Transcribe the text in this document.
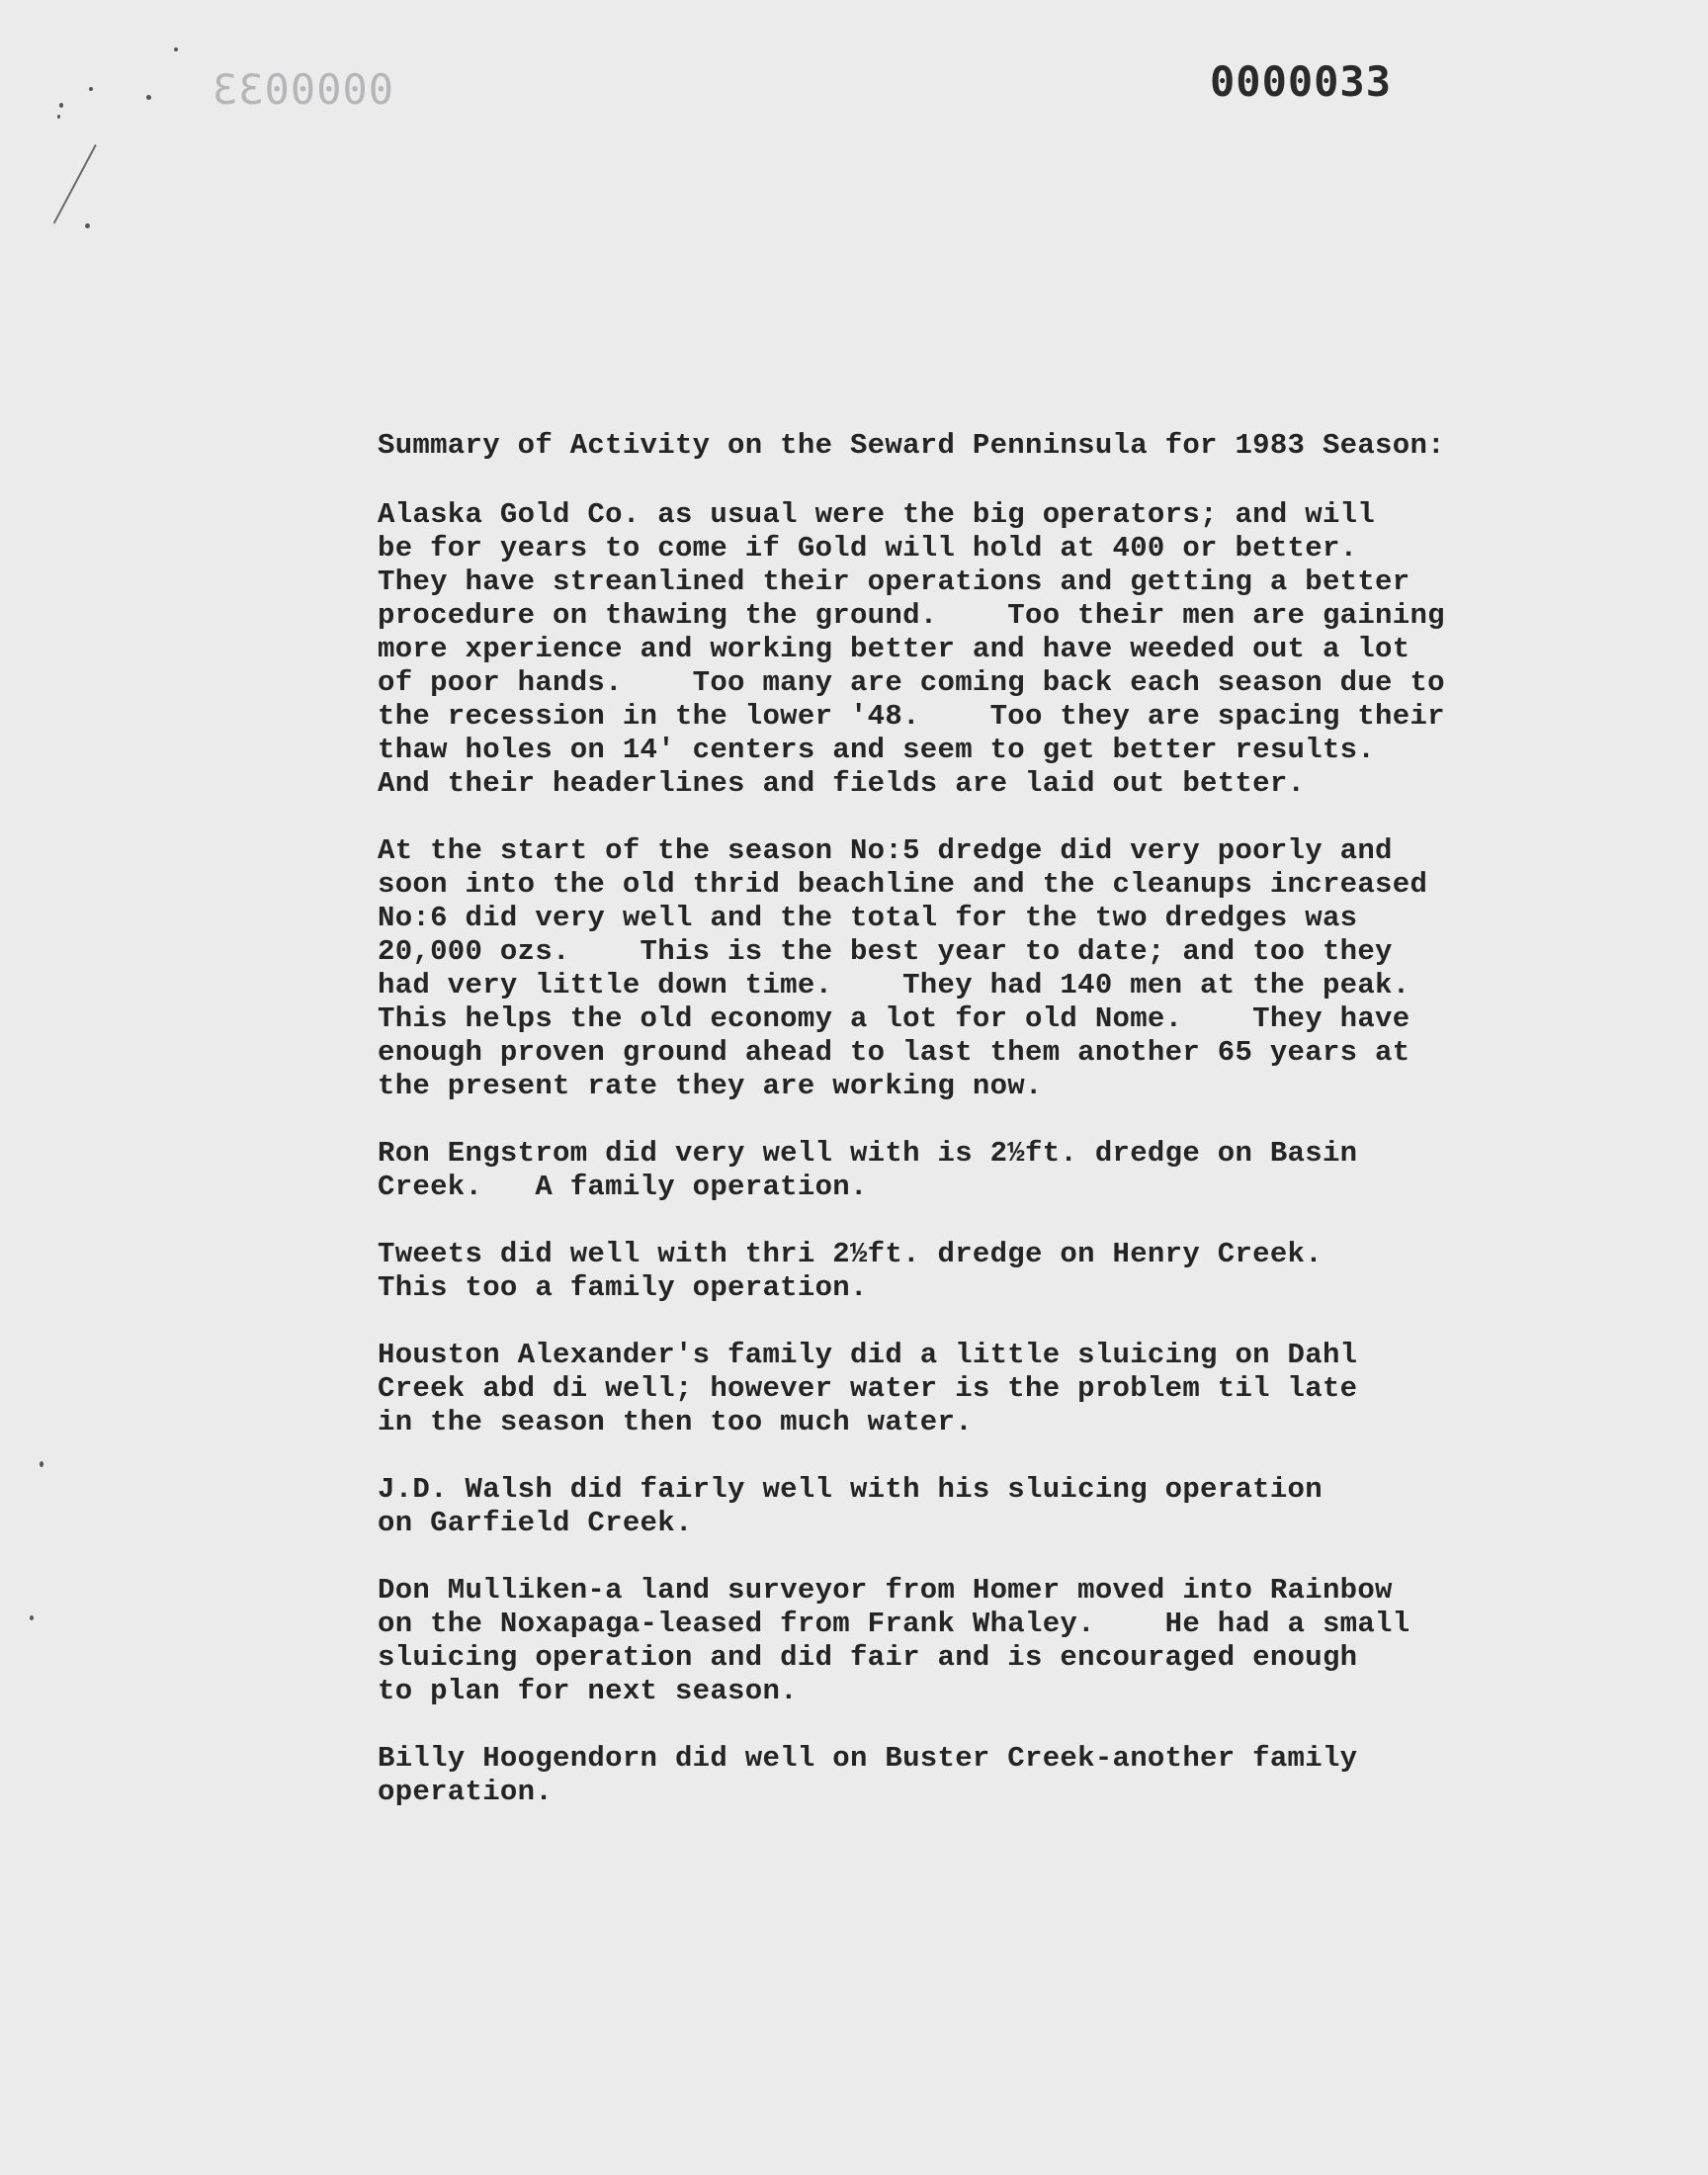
0000033	0000033
Summary of Activity on the Seward Penninsula for 1983 Season:
Alaska Gold Co. as usual were the big operators; and will
be for years to come if Gold will hold at 400 or better.
They have streanlined their operations and getting a better
procedure on thawing the ground.    Too their men are gaining
more xperience and working better and have weeded out a lot
of poor hands.    Too many are coming back each season due to
the recession in the lower '48.    Too they are spacing their
thaw holes on 14' centers and seem to get better results.
And their headerlines and fields are laid out better.
At the start of the season No:5 dredge did very poorly and
soon into the old thrid beachline and the cleanups increased
No:6 did very well and the total for the two dredges was
20,000 ozs.    This is the best year to date; and too they
had very little down time.    They had 140 men at the peak.
This helps the old economy a lot for old Nome.    They have
enough proven ground ahead to last them another 65 years at
the present rate they are working now.
Ron Engstrom did very well with is 2½ft. dredge on Basin
Creek.   A family operation.
Tweets did well with thri 2½ft. dredge on Henry Creek.
This too a family operation.
Houston Alexander's family did a little sluicing on Dahl
Creek abd di well; however water is the problem til late
in the season then too much water.
J.D. Walsh did fairly well with his sluicing operation
on Garfield Creek.
Don Mulliken-a land surveyor from Homer moved into Rainbow
on the Noxapaga-leased from Frank Whaley.    He had a small
sluicing operation and did fair and is encouraged enough
to plan for next season.
Billy Hoogendorn did well on Buster Creek-another family
operation.
